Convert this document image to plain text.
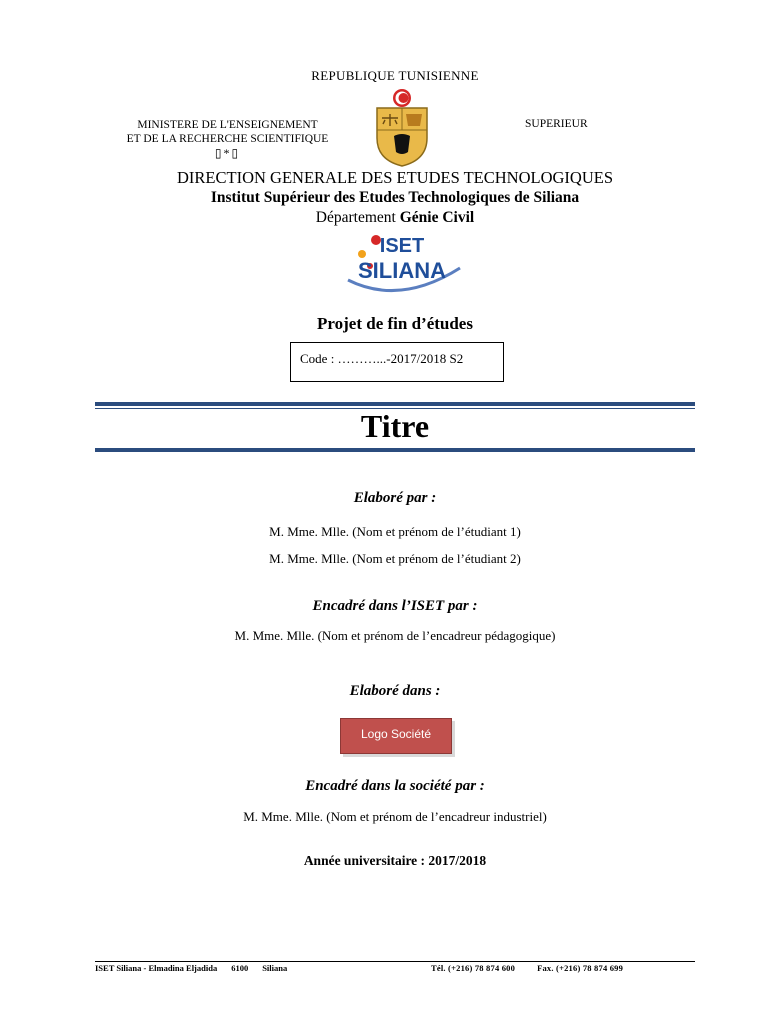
REPUBLIQUE TUNISIENNE
MINISTERE DE L'ENSEIGNEMENT
ET DE LA RECHERCHE SCIENTIFIQUE
▯*▯
SUPERIEUR
DIRECTION GENERALE DES ETUDES TECHNOLOGIQUES
Institut Supérieur des Etudes Technologiques de Siliana
Département Génie Civil
ISET
SILIANA
Projet de fin d’études
Code : ………...-2017/2018 S2
Titre
Elaboré par :
M. Mme. Mlle. (Nom et prénom de l’étudiant 1)
M. Mme. Mlle. (Nom et prénom de l’étudiant 2)
Encadré dans l’ISET par :
M. Mme. Mlle. (Nom et prénom de l’encadreur pédagogique)
Elaboré dans :
Logo Société
Encadré dans la société par :
M. Mme. Mlle. (Nom et prénom de l’encadreur industriel)
Année universitaire : 2017/2018
ISET Siliana - Elmadina Eljadida 6100 Siliana	Tél. (+216) 78 874 600	Fax. (+216) 78 874 699
